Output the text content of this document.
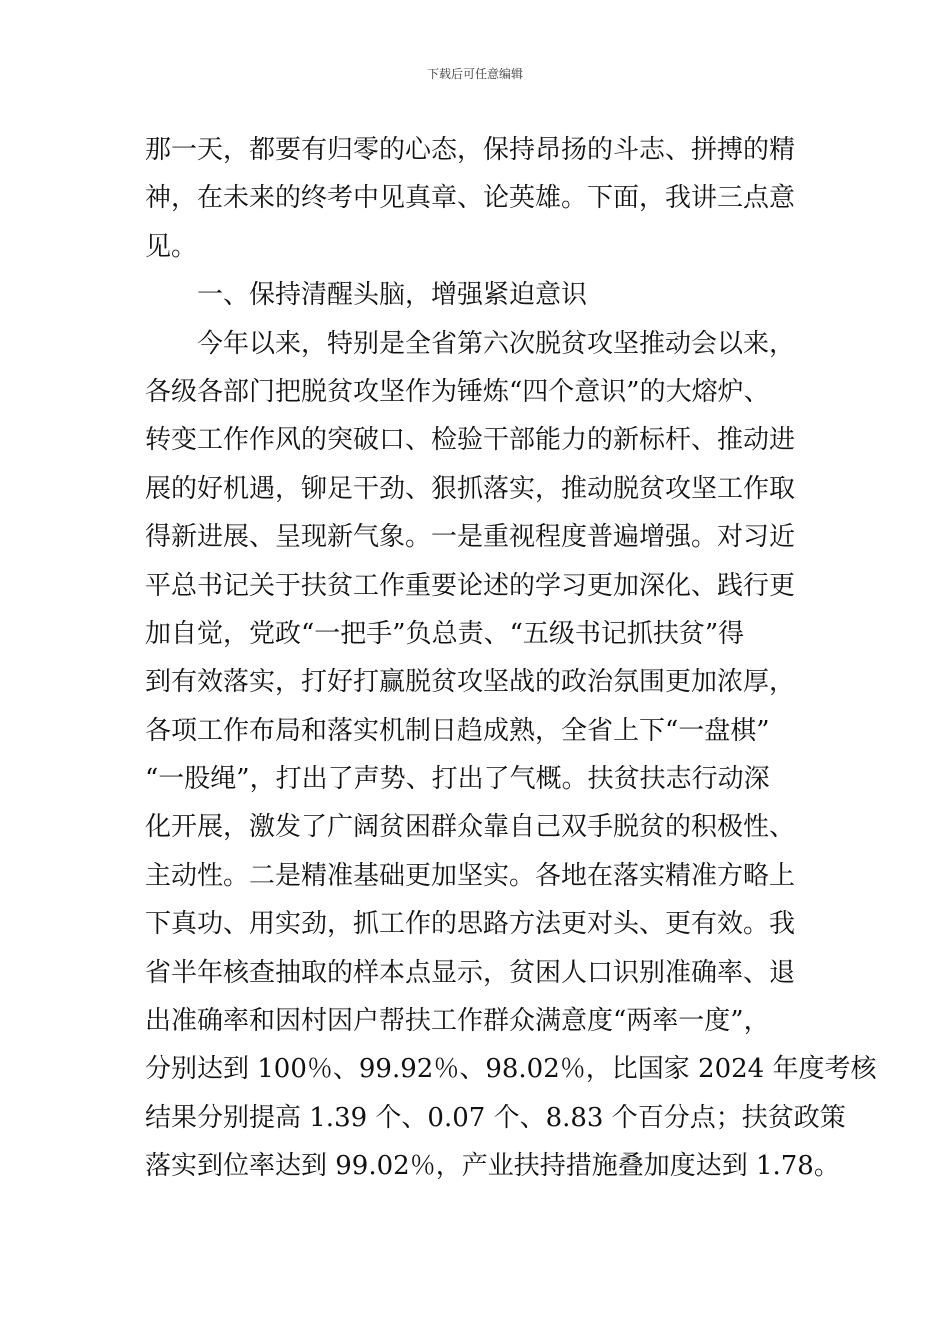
下载后可任意编辑
那一天，都要有归零的心态，保持昂扬的斗志、拼搏的精
神，在未来的终考中见真章、论英雄。下面，我讲三点意
见。
一、保持清醒头脑，增强紧迫意识
今年以来，特别是全省第六次脱贫攻坚推动会以来，
各级各部门把脱贫攻坚作为锤炼“四个意识”的大熔炉、
转变工作作风的突破口、检验干部能力的新标杆、推动进
展的好机遇，铆足干劲、狠抓落实，推动脱贫攻坚工作取
得新进展、呈现新气象。一是重视程度普遍增强。对习近
平总书记关于扶贫工作重要论述的学习更加深化、践行更
加自觉，党政“一把手”负总责、“五级书记抓扶贫”得
到有效落实，打好打赢脱贫攻坚战的政治氛围更加浓厚，
各项工作布局和落实机制日趋成熟，全省上下“一盘棋”
“一股绳”，打出了声势、打出了气概。扶贫扶志行动深
化开展，激发了广阔贫困群众靠自己双手脱贫的积极性、
主动性。二是精准基础更加坚实。各地在落实精准方略上
下真功、用实劲，抓工作的思路方法更对头、更有效。我
省半年核查抽取的样本点显示，贫困人口识别准确率、退
出准确率和因村因户帮扶工作群众满意度“两率一度”，
分别达到 100％、99.92％、98.02％，比国家 2024 年度考核
结果分别提高 1.39 个、0.07 个、8.83 个百分点；扶贫政策
落实到位率达到 99.02％，产业扶持措施叠加度达到 1.78。
